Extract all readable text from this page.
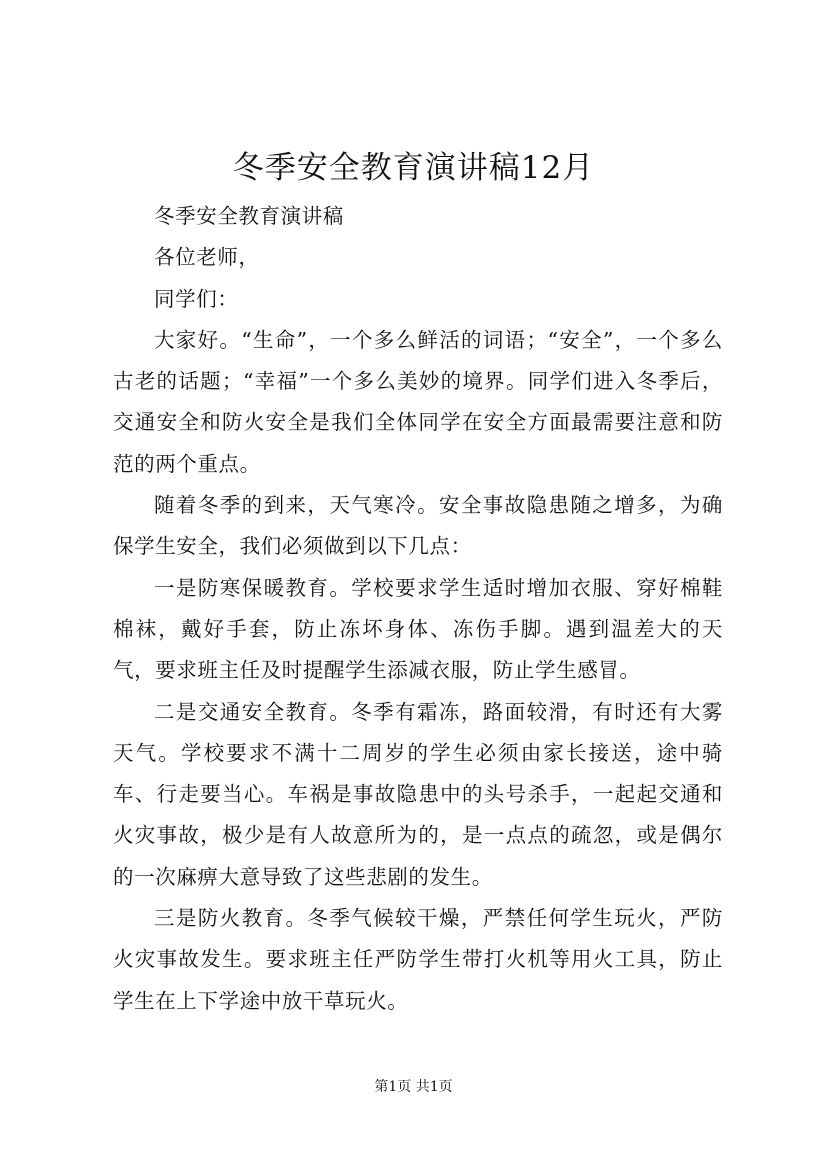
冬季安全教育演讲稿12月

冬季安全教育演讲稿

各位老师，

同学们：

大家好。“生命”，一个多么鲜活的词语；“安全”，一个多么古老的话题；“幸福”一个多么美妙的境界。同学们进入冬季后，交通安全和防火安全是我们全体同学在安全方面最需要注意和防范的两个重点。

随着冬季的到来，天气寒冷。安全事故隐患随之增多，为确保学生安全，我们必须做到以下几点：

一是防寒保暖教育。学校要求学生适时增加衣服、穿好棉鞋棉袜，戴好手套，防止冻坏身体、冻伤手脚。遇到温差大的天气，要求班主任及时提醒学生添减衣服，防止学生感冒。

二是交通安全教育。冬季有霜冻，路面较滑，有时还有大雾天气。学校要求不满十二周岁的学生必须由家长接送，途中骑车、行走要当心。车祸是事故隐患中的头号杀手，一起起交通和火灾事故，极少是有人故意所为的，是一点点的疏忽，或是偶尔的一次麻痹大意导致了这些悲剧的发生。

三是防火教育。冬季气候较干燥，严禁任何学生玩火，严防火灾事故发生。要求班主任严防学生带打火机等用火工具，防止学生在上下学途中放干草玩火。

第1页 共1页
